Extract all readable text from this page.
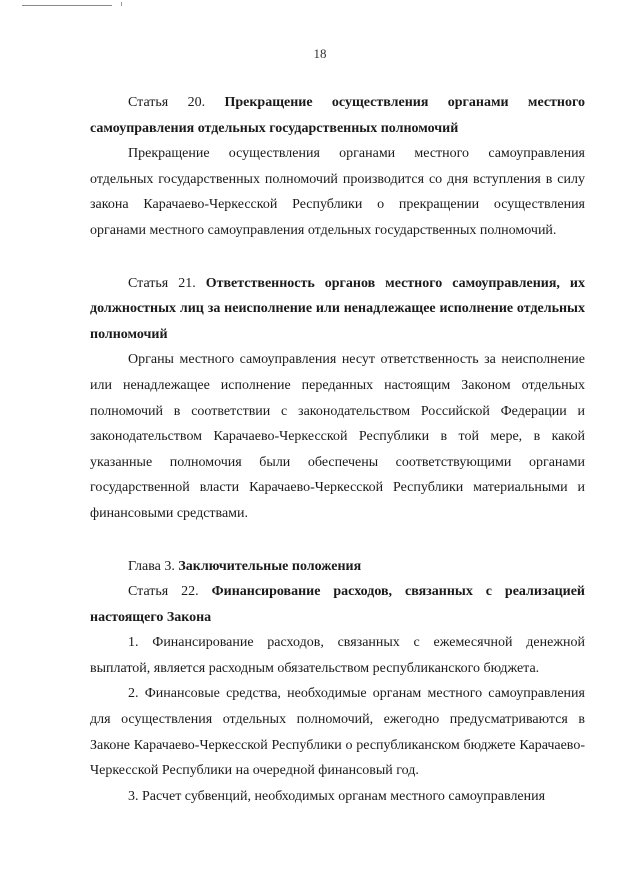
18

Статья 20. Прекращение осуществления органами местного самоуправления отдельных государственных полномочий

Прекращение осуществления органами местного самоуправления отдельных государственных полномочий производится со дня вступления в силу закона Карачаево-Черкесской Республики о прекращении осуществления органами местного самоуправления отдельных государственных полномочий.

Статья 21. Ответственность органов местного самоуправления, их должностных лиц за неисполнение или ненадлежащее исполнение отдельных полномочий

Органы местного самоуправления несут ответственность за неисполнение или ненадлежащее исполнение переданных настоящим Законом отдельных полномочий в соответствии с законодательством Российской Федерации и законодательством Карачаево-Черкесской Республики в той мере, в какой указанные полномочия были обеспечены соответствующими органами государственной власти Карачаево-Черкесской Республики материальными и финансовыми средствами.

Глава 3. Заключительные положения

Статья 22. Финансирование расходов, связанных с реализацией настоящего Закона

1. Финансирование расходов, связанных с ежемесячной денежной выплатой, является расходным обязательством республиканского бюджета.

2. Финансовые средства, необходимые органам местного самоуправления для осуществления отдельных полномочий, ежегодно предусматриваются в Законе Карачаево-Черкесской Республики о республиканском бюджете Карачаево-Черкесской Республики на очередной финансовый год.

3. Расчет субвенций, необходимых органам местного самоуправления
